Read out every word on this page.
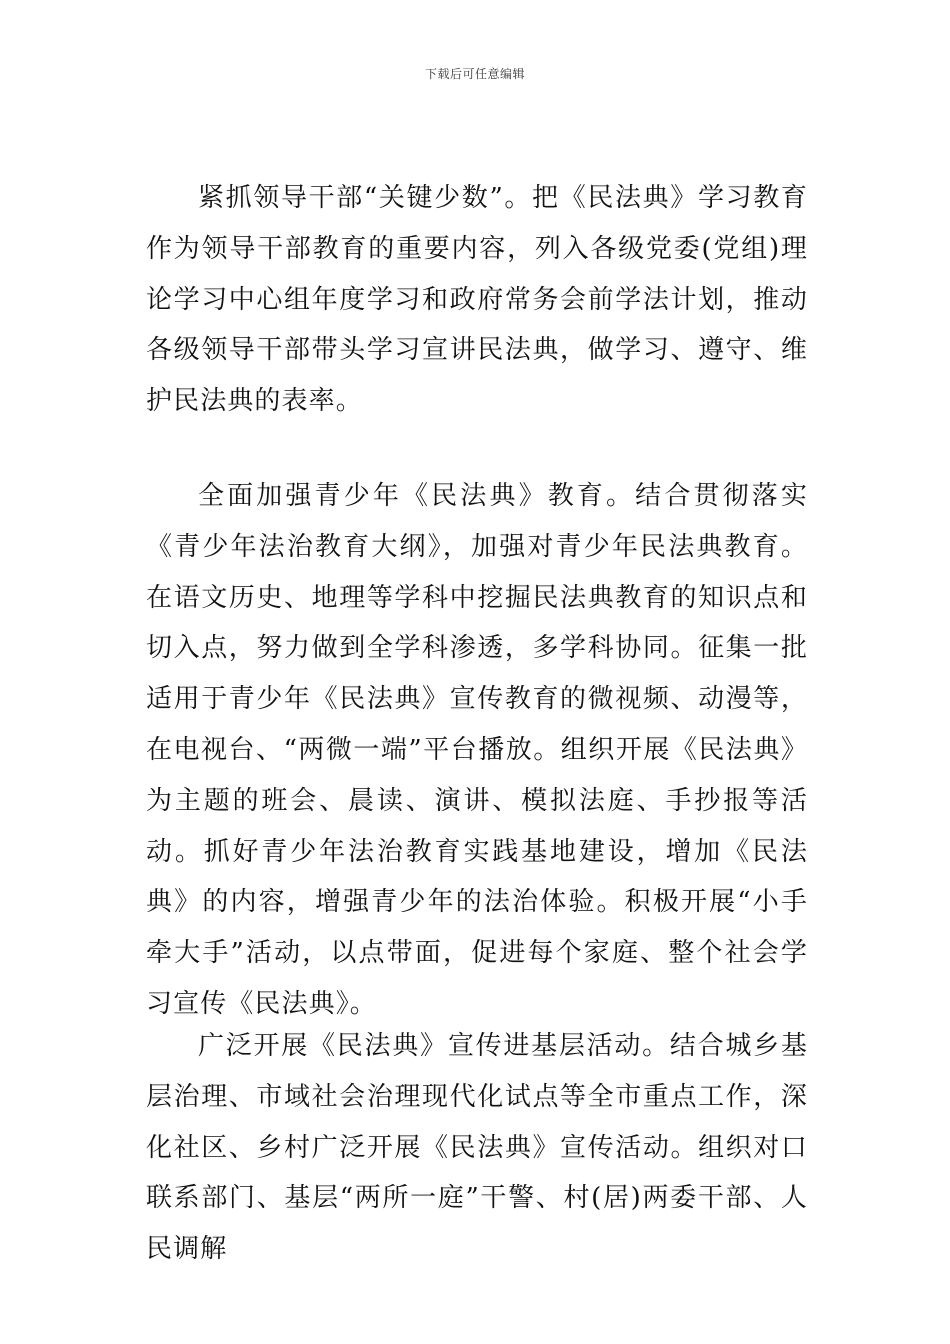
下载后可任意编辑

紧抓领导干部“关键少数”。把《民法典》学习教育作为领导干部教育的重要内容，列入各级党委(党组)理论学习中心组年度学习和政府常务会前学法计划，推动各级领导干部带头学习宣讲民法典，做学习、遵守、维护民法典的表率。

全面加强青少年《民法典》教育。结合贯彻落实《青少年法治教育大纲》，加强对青少年民法典教育。在语文历史、地理等学科中挖掘民法典教育的知识点和切入点，努力做到全学科渗透，多学科协同。征集一批适用于青少年《民法典》宣传教育的微视频、动漫等，在电视台、“两微一端”平台播放。组织开展《民法典》为主题的班会、晨读、演讲、模拟法庭、手抄报等活动。抓好青少年法治教育实践基地建设，增加《民法典》的内容，增强青少年的法治体验。积极开展“小手牵大手”活动，以点带面，促进每个家庭、整个社会学习宣传《民法典》。

广泛开展《民法典》宣传进基层活动。结合城乡基层治理、市域社会治理现代化试点等全市重点工作，深化社区、乡村广泛开展《民法典》宣传活动。组织对口联系部门、基层“两所一庭”干警、村(居)两委干部、人民调解
